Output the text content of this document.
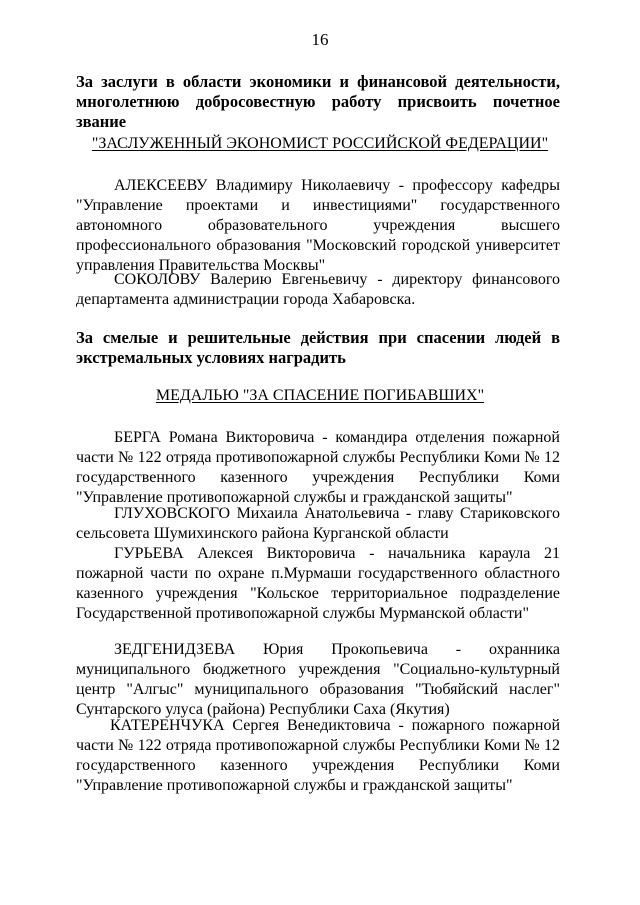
16
За заслуги в области экономики и финансовой деятельности, многолетнюю добросовестную работу присвоить почетное звание
"ЗАСЛУЖЕННЫЙ ЭКОНОМИСТ РОССИЙСКОЙ ФЕДЕРАЦИИ"
АЛЕКСЕЕВУ Владимиру Николаевичу - профессору кафедры "Управление проектами и инвестициями" государственного автономного образовательного учреждения высшего профессионального образования "Московский городской университет управления Правительства Москвы"
СОКОЛОВУ Валерию Евгеньевичу - директору финансового департамента администрации города Хабаровска.
За смелые и решительные действия при спасении людей в экстремальных условиях наградить
МЕДАЛЬЮ "ЗА СПАСЕНИЕ ПОГИБАВШИХ"
БЕРГА Романа Викторовича - командира отделения пожарной части № 122 отряда противопожарной службы Республики Коми № 12 государственного казенного учреждения Республики Коми "Управление противопожарной службы и гражданской защиты"
ГЛУХОВСКОГО Михаила Анатольевича - главу Стариковского сельсовета Шумихинского района Курганской области
ГУРЬЕВА Алексея Викторовича - начальника караула 21 пожарной части по охране п.Мурмаши государственного областного казенного учреждения "Кольское территориальное подразделение Государственной противопожарной службы Мурманской области"
ЗЕДГЕНИДЗЕВА Юрия Прокопьевича - охранника муниципального бюджетного учреждения "Социально-культурный центр "Алгыс" муниципального образования "Тюбяйский наслег" Сунтарского улуса (района) Республики Саха (Якутия)
КАТЕРЕНЧУКА Сергея Венедиктовича - пожарного пожарной части № 122 отряда противопожарной службы Республики Коми № 12 государственного казенного учреждения Республики Коми "Управление противопожарной службы и гражданской защиты"
